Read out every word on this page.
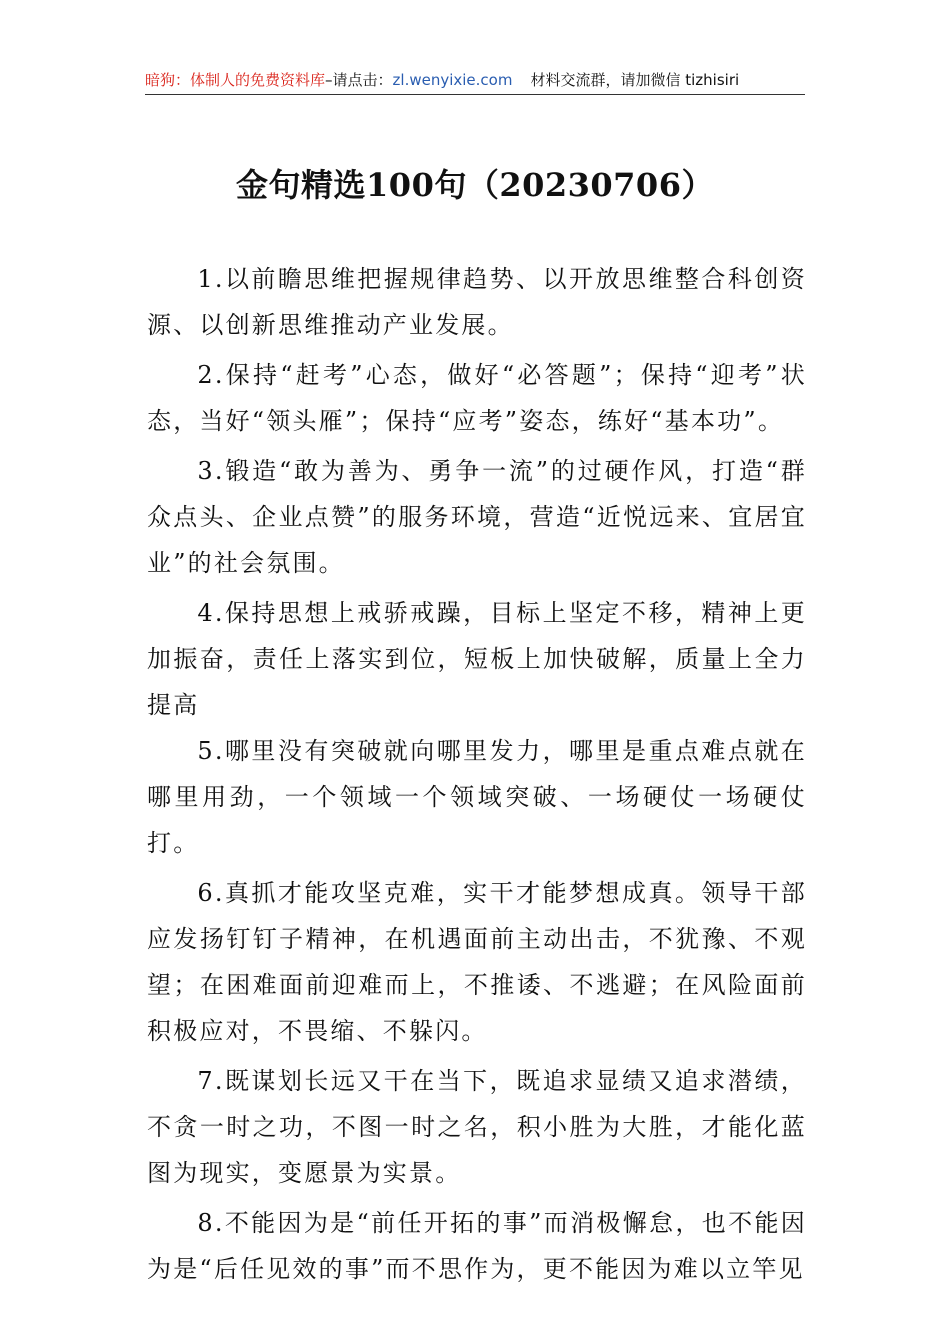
暗狗：体制人的免费资料库–请点击：zl.wenyixie.com 材料交流群，请加微信 tizhisiri
金句精选100句（20230706）

1.以前瞻思维把握规律趋势、以开放思维整合科创资源、以创新思维推动产业发展。

2.保持“赶考”心态，做好“必答题”；保持“迎考”状态，当好“领头雁”；保持“应考”姿态，练好“基本功”。

3.锻造“敢为善为、勇争一流”的过硬作风，打造“群众点头、企业点赞”的服务环境，营造“近悦远来、宜居宜业”的社会氛围。

4.保持思想上戒骄戒躁，目标上坚定不移，精神上更加振奋，责任上落实到位，短板上加快破解，质量上全力提高

5.哪里没有突破就向哪里发力，哪里是重点难点就在哪里用劲，一个领域一个领域突破、一场硬仗一场硬仗打。

6.真抓才能攻坚克难，实干才能梦想成真。领导干部应发扬钉钉子精神，在机遇面前主动出击，不犹豫、不观望；在困难面前迎难而上，不推诿、不逃避；在风险面前积极应对，不畏缩、不躲闪。

7.既谋划长远又干在当下，既追求显绩又追求潜绩，不贪一时之功，不图一时之名，积小胜为大胜，才能化蓝图为现实，变愿景为实景。

8.不能因为是“前任开拓的事”而消极懈怠，也不能因为是“后任见效的事”而不思作为，更不能因为难以立竿见
